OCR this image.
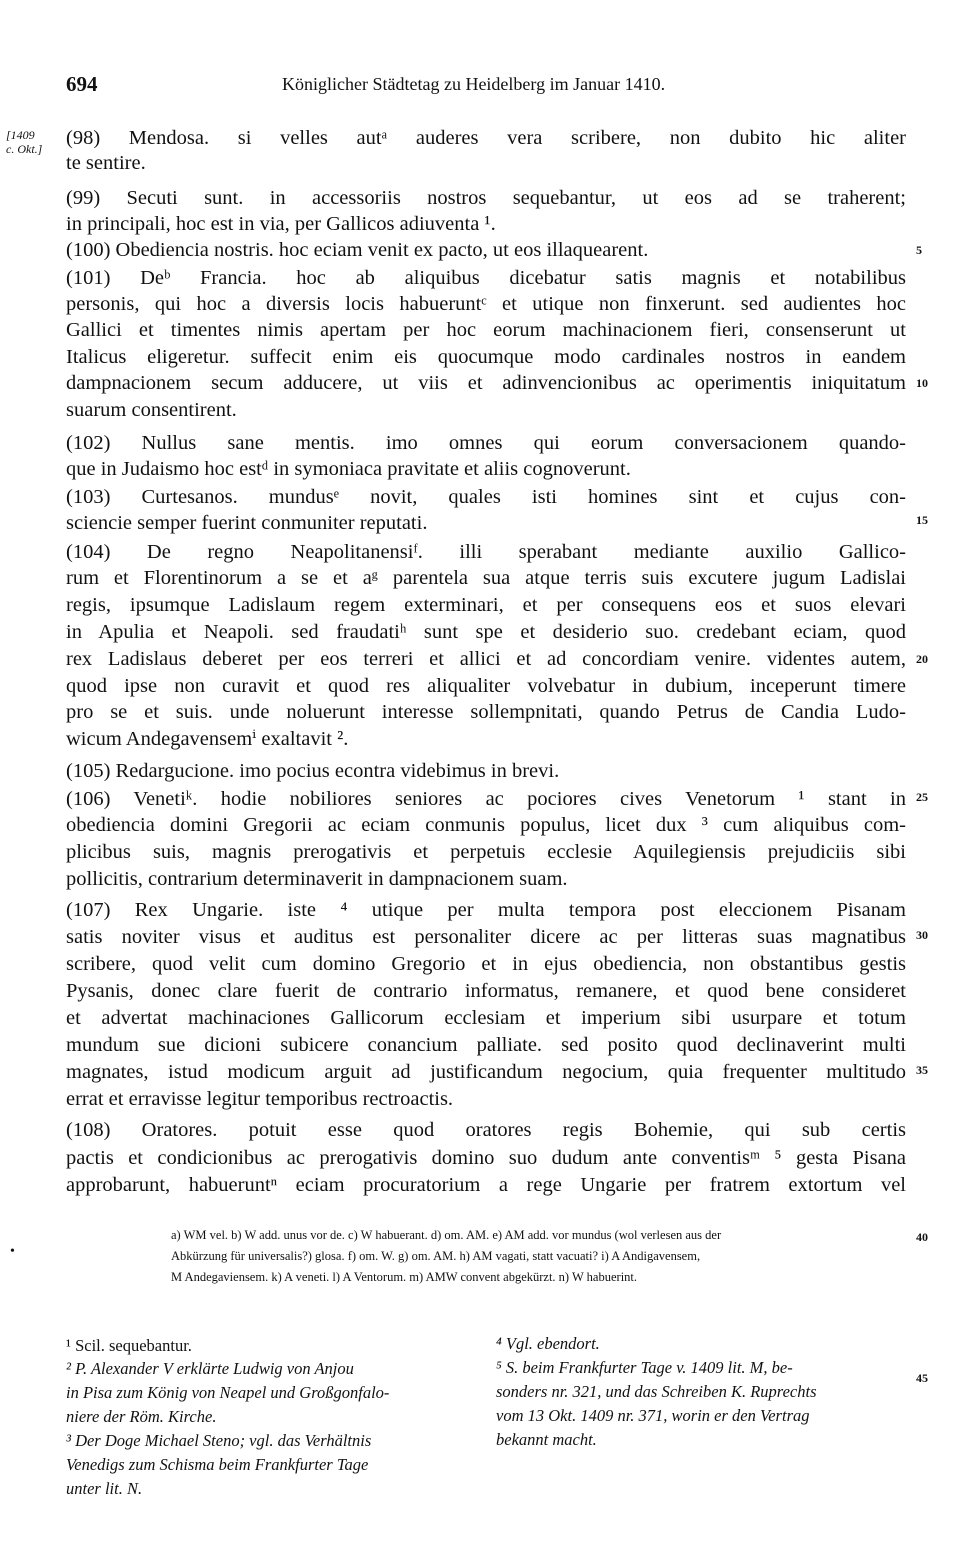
694	Königlicher Städtetag zu Heidelberg im Januar 1410.
[1409
c. Okt.] (98) Mendosa. si velles autᵃ auderes vera scribere, non dubito hic aliter
te sentire.
(99) Secuti sunt. in accessoriis nostros sequebantur, ut eos ad se traherent;
in principali, hoc est in via, per Gallicos adiuventa ¹.
(100) Obediencia nostris. hoc eciam venit ex pacto, ut eos illaquearent.
(101) Deᵇ Francia. hoc ab aliquibus dicebatur satis magnis et notabilibus
personis, qui hoc a diversis locis habueruntᶜ et utique non finxerunt. sed audientes hoc
Gallici et timentes nimis apertam per hoc eorum machinacionem fieri, consenserunt ut
Italicus eligeretur. suffecit enim eis quocumque modo cardinales nostros in eandem
dampnacionem secum adducere, ut viis et adinvencionibus ac operimentis iniquitatum
suarum consentirent.
(102) Nullus sane mentis. imo omnes qui eorum conversacionem quando-
que in Judaismo hoc estᵈ in symoniaca pravitate et aliis cognoverunt.
(103) Curtesanos. mundusᵉ novit, quales isti homines sint et cujus con-
sciencie semper fuerint conmuniter reputati.
(104) De regno Neapolitanensiᶠ. illi sperabant mediante auxilio Gallico-
rum et Florentinorum a se et aᵍ parentela sua atque terris suis excutere jugum Ladislai
regis, ipsumque Ladislaum regem exterminari, et per consequens eos et suos elevari
in Apulia et Neapoli. sed fraudatiʰ sunt spe et desiderio suo. credebant eciam, quod
rex Ladislaus deberet per eos terreri et allici et ad concordiam venire. videntes autem,
quod ipse non curavit et quod res aliqualiter volvebatur in dubium, inceperunt timere
pro se et suis. unde noluerunt interesse sollempnitati, quando Petrus de Candia Ludo-
wicum Andegavensemⁱ exaltavit ².
(105) Redargucione. imo pocius econtra videbimus in brevi.
(106) Venetiᵏ. hodie nobiliores seniores ac pociores cives Venetorum ¹ stant in
obediencia domini Gregorii ac eciam conmunis populus, licet dux ³ cum aliquibus com-
plicibus suis, magnis prerogativis et perpetuis ecclesie Aquilegiensis prejudiciis sibi
pollicitis, contrarium determinaverit in dampnacionem suam.
(107) Rex Ungarie. iste ⁴ utique per multa tempora post eleccionem Pisanam
satis noviter visus et auditus est personaliter dicere ac per litteras suas magnatibus
scribere, quod velit cum domino Gregorio et in ejus obediencia, non obstantibus gestis
Pysanis, donec clare fuerit de contrario informatus, remanere, et quod bene consideret
et advertat machinaciones Gallicorum ecclesiam et imperium sibi usurpare et totum
mundum sue dicioni subicere conancium palliate. sed posito quod declinaverint multi
magnates, istud modicum arguit ad justificandum negocium, quia frequenter multitudo
errat et erravisse legitur temporibus rectroactis.
(108) Oratores. potuit esse quod oratores regis Bohemie, qui sub certis
pactis et condicionibus ac prerogativis domino suo dudum ante conventisᵐ ⁵ gesta Pisana
approbarunt, habueruntⁿ eciam procuratorium a rege Ungarie per fratrem extortum vel
5
10
15
20
25
30
35
40
45
•
a) WM vel. b) W add. unus vor de. c) W habuerant. d) om. AM. e) AM add. vor mundus (wol verlesen aus der
Abkürzung für universalis?) glosa. f) om. W. g) om. AM. h) AM vagati, statt vacuati? i) A Andigavensem,
M Andegaviensem. k) A veneti. l) A Ventorum. m) AMW convent abgekürzt. n) W habuerint.
¹ Scil. sequebantur.
² P. Alexander V erklärte Ludwig von Anjou
in Pisa zum König von Neapel und Großgonfalo-
niere der Röm. Kirche.
³ Der Doge Michael Steno; vgl. das Verhältnis
Venedigs zum Schisma beim Frankfurter Tage
unter lit. N.
⁴ Vgl. ebendort.
⁵ S. beim Frankfurter Tage v. 1409 lit. M, be-
sonders nr. 321, und das Schreiben K. Ruprechts
vom 13 Okt. 1409 nr. 371, worin er den Vertrag
bekannt macht.
